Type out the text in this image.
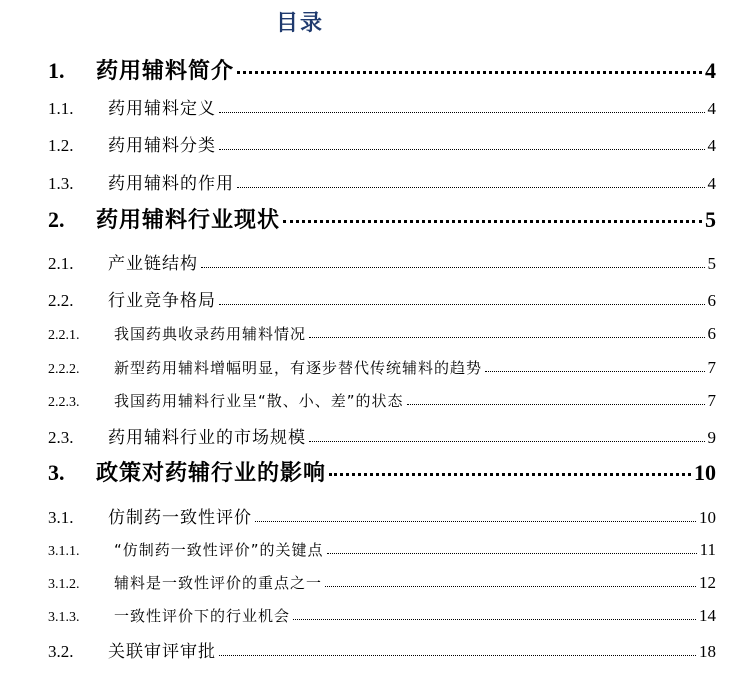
目录
1.	药用辅料简介	4
1.1.	药用辅料定义	4
1.2.	药用辅料分类	4
1.3.	药用辅料的作用	4
2.	药用辅料行业现状	5
2.1.	产业链结构	5
2.2.	行业竞争格局	6
2.2.1.	我国药典收录药用辅料情况	6
2.2.2.	新型药用辅料增幅明显，有逐步替代传统辅料的趋势	7
2.2.3.	我国药用辅料行业呈“散、小、差”的状态	7
2.3.	药用辅料行业的市场规模	9
3.	政策对药辅行业的影响	10
3.1.	仿制药一致性评价	10
3.1.1.	“仿制药一致性评价”的关键点	11
3.1.2.	辅料是一致性评价的重点之一	12
3.1.3.	一致性评价下的行业机会	14
3.2.	关联审评审批	18
